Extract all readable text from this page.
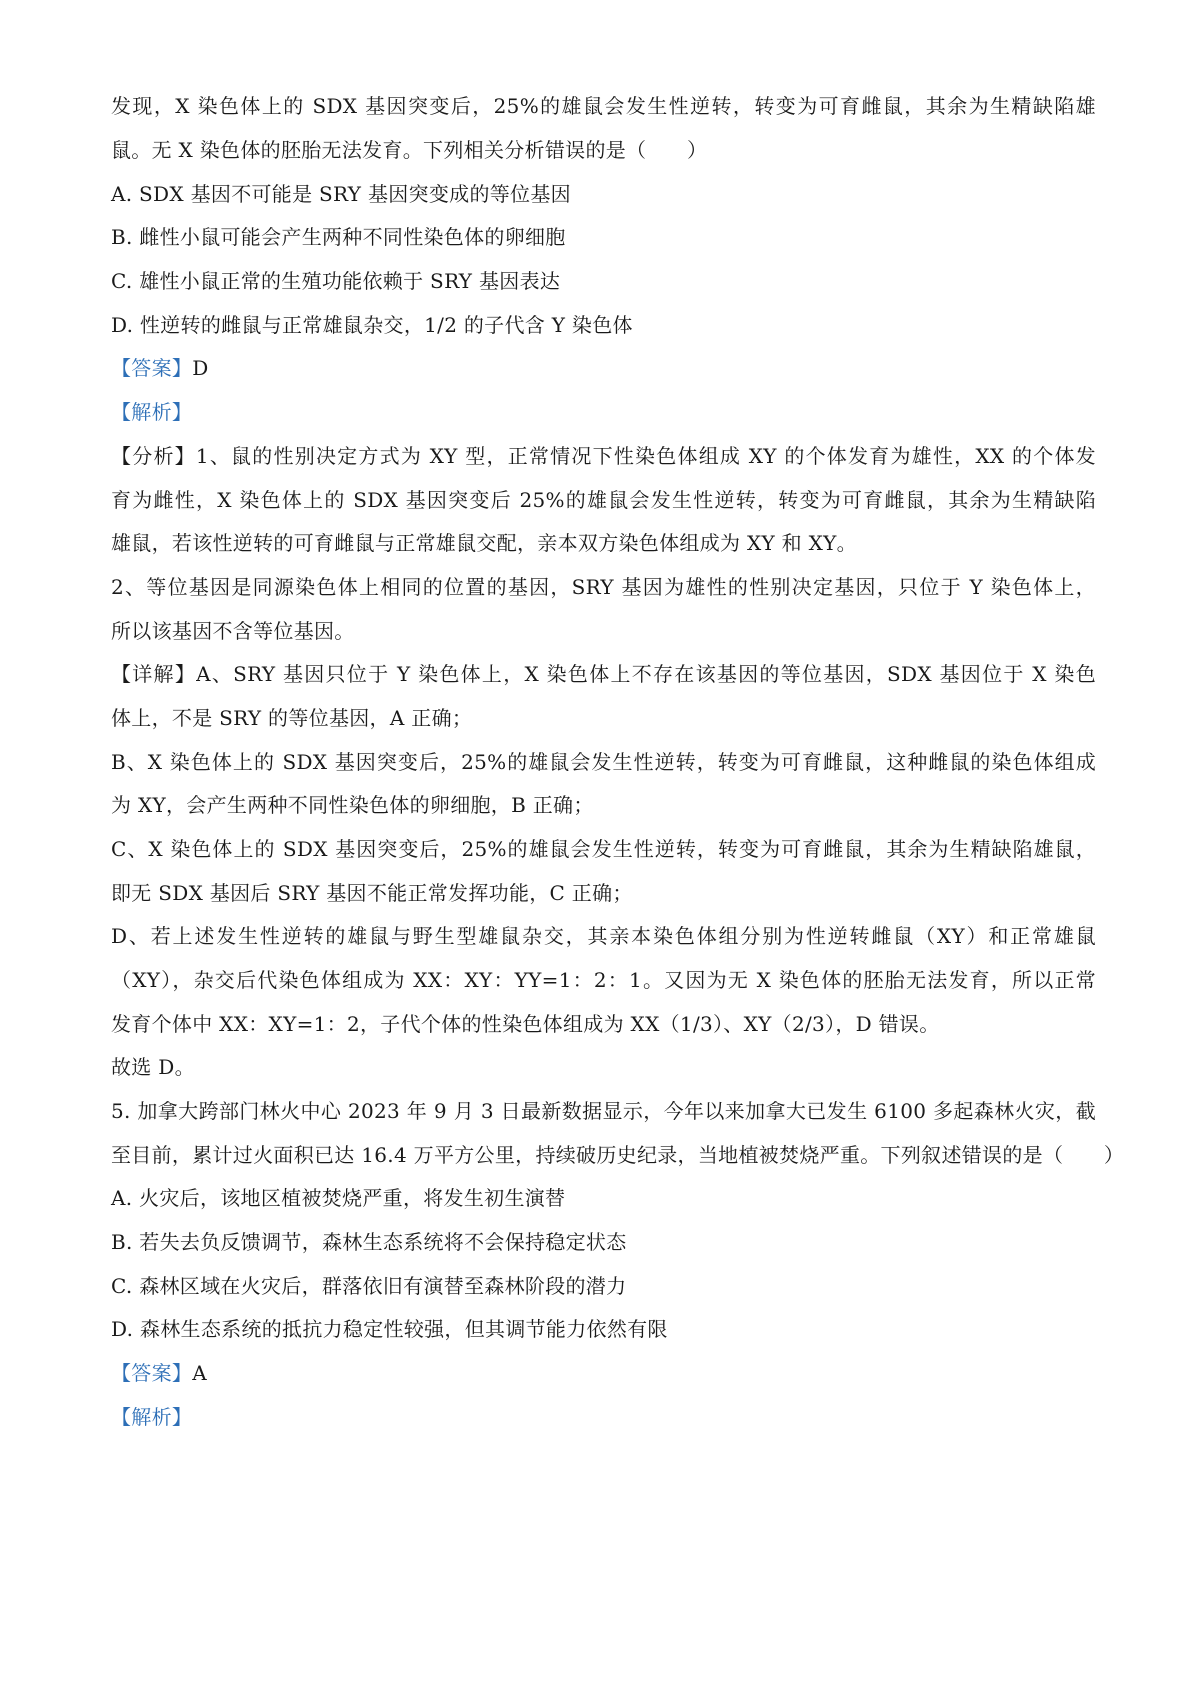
发现，X 染色体上的 SDX 基因突变后，25%的雄鼠会发生性逆转，转变为可育雌鼠，其余为生精缺陷雄
鼠。无 X 染色体的胚胎无法发育。下列相关分析错误的是（　　）
A. SDX 基因不可能是 SRY 基因突变成的等位基因
B. 雌性小鼠可能会产生两种不同性染色体的卵细胞
C. 雄性小鼠正常的生殖功能依赖于 SRY 基因表达
D. 性逆转的雌鼠与正常雄鼠杂交，1/2 的子代含 Y 染色体
【答案】D
【解析】
【分析】1、鼠的性别决定方式为 XY 型，正常情况下性染色体组成 XY 的个体发育为雄性，XX 的个体发
育为雌性，X 染色体上的 SDX 基因突变后 25%的雄鼠会发生性逆转，转变为可育雌鼠，其余为生精缺陷
雄鼠，若该性逆转的可育雌鼠与正常雄鼠交配，亲本双方染色体组成为 XY 和 XY。
2、等位基因是同源染色体上相同的位置的基因，SRY 基因为雄性的性别决定基因，只位于 Y 染色体上，
所以该基因不含等位基因。
【详解】A、SRY 基因只位于 Y 染色体上，X 染色体上不存在该基因的等位基因，SDX 基因位于 X 染色
体上，不是 SRY 的等位基因，A 正确；
B、X 染色体上的 SDX 基因突变后，25%的雄鼠会发生性逆转，转变为可育雌鼠，这种雌鼠的染色体组成
为 XY，会产生两种不同性染色体的卵细胞，B 正确；
C、X 染色体上的 SDX 基因突变后，25%的雄鼠会发生性逆转，转变为可育雌鼠，其余为生精缺陷雄鼠，
即无 SDX 基因后 SRY 基因不能正常发挥功能，C 正确；
D、若上述发生性逆转的雄鼠与野生型雄鼠杂交，其亲本染色体组分别为性逆转雌鼠（XY）和正常雄鼠
（XY），杂交后代染色体组成为 XX：XY：YY=1：2：1。又因为无 X 染色体的胚胎无法发育，所以正常
发育个体中 XX：XY=1：2，子代个体的性染色体组成为 XX（1/3）、XY（2/3），D 错误。
故选 D。
5. 加拿大跨部门林火中心 2023 年 9 月 3 日最新数据显示，今年以来加拿大已发生 6100 多起森林火灾，截
至目前，累计过火面积已达 16.4 万平方公里，持续破历史纪录，当地植被焚烧严重。下列叙述错误的是（　　）
A. 火灾后，该地区植被焚烧严重，将发生初生演替
B. 若失去负反馈调节，森林生态系统将不会保持稳定状态
C. 森林区域在火灾后，群落依旧有演替至森林阶段的潜力
D. 森林生态系统的抵抗力稳定性较强，但其调节能力依然有限
【答案】A
【解析】
